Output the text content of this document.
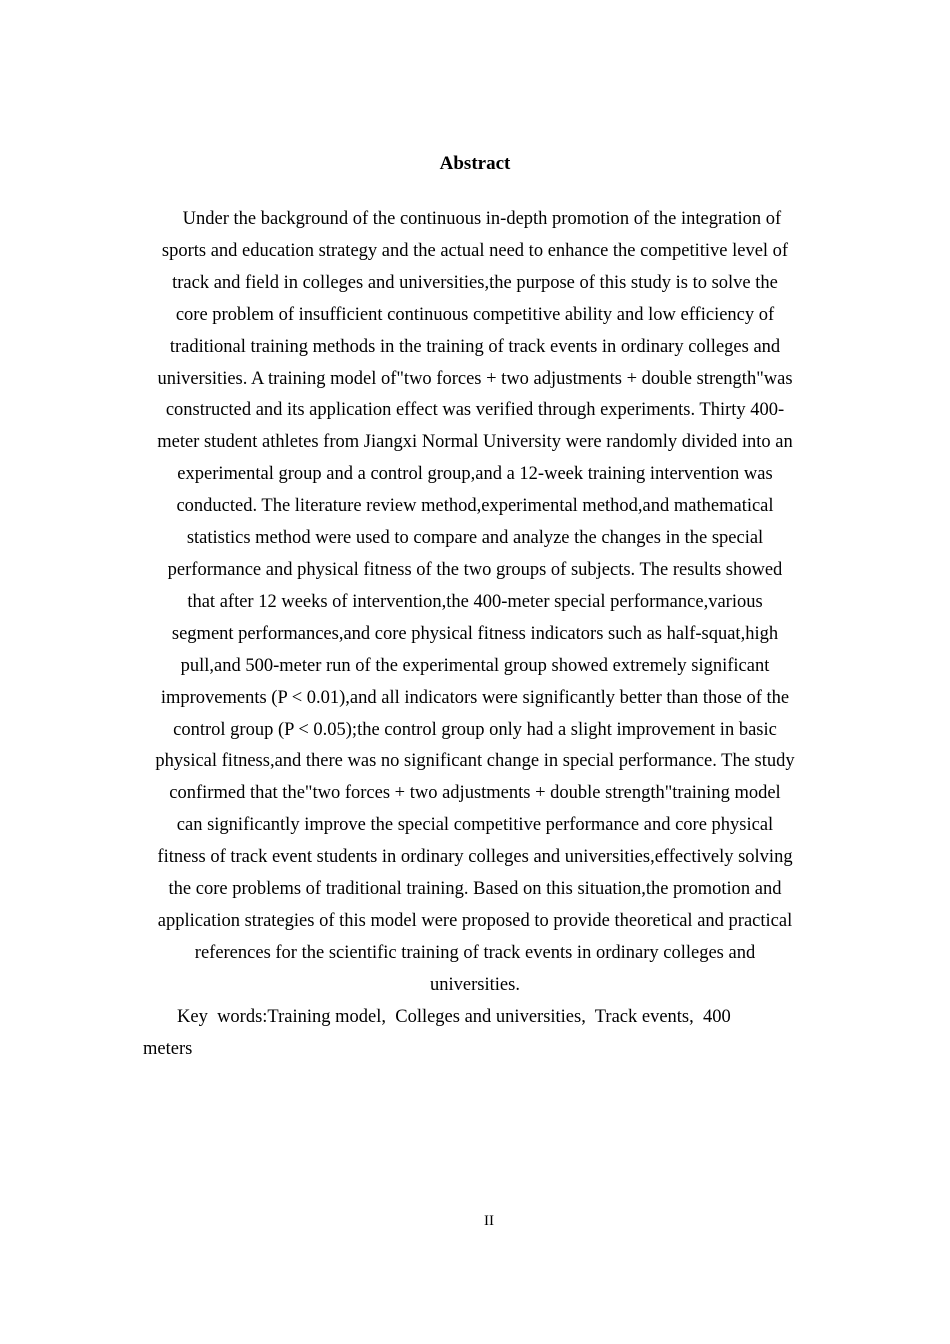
Abstract
Under the background of the continuous in-depth promotion of the integration of
sports and education strategy and the actual need to enhance the competitive level of
track and field in colleges and universities,the purpose of this study is to solve the
core problem of insufficient continuous competitive ability and low efficiency of
traditional training methods in the training of track events in ordinary colleges and
universities. A training model of"two forces + two adjustments + double strength"was
constructed and its application effect was verified through experiments. Thirty 400-
meter student athletes from Jiangxi Normal University were randomly divided into an
experimental group and a control group,and a 12-week training intervention was
conducted. The literature review method,experimental method,and mathematical
statistics method were used to compare and analyze the changes in the special
performance and physical fitness of the two groups of subjects. The results showed
that after 12 weeks of intervention,the 400-meter special performance,various
segment performances,and core physical fitness indicators such as half-squat,high
pull,and 500-meter run of the experimental group showed extremely significant
improvements (P < 0.01),and all indicators were significantly better than those of the
control group (P < 0.05);the control group only had a slight improvement in basic
physical fitness,and there was no significant change in special performance. The study
confirmed that the"two forces + two adjustments + double strength"training model
can significantly improve the special competitive performance and core physical
fitness of track event students in ordinary colleges and universities,effectively solving
the core problems of traditional training. Based on this situation,the promotion and
application strategies of this model were proposed to provide theoretical and practical
references for the scientific training of track events in ordinary colleges and
universities.
Key  words:Training model,  Colleges and universities,  Track events,  400
meters
II
